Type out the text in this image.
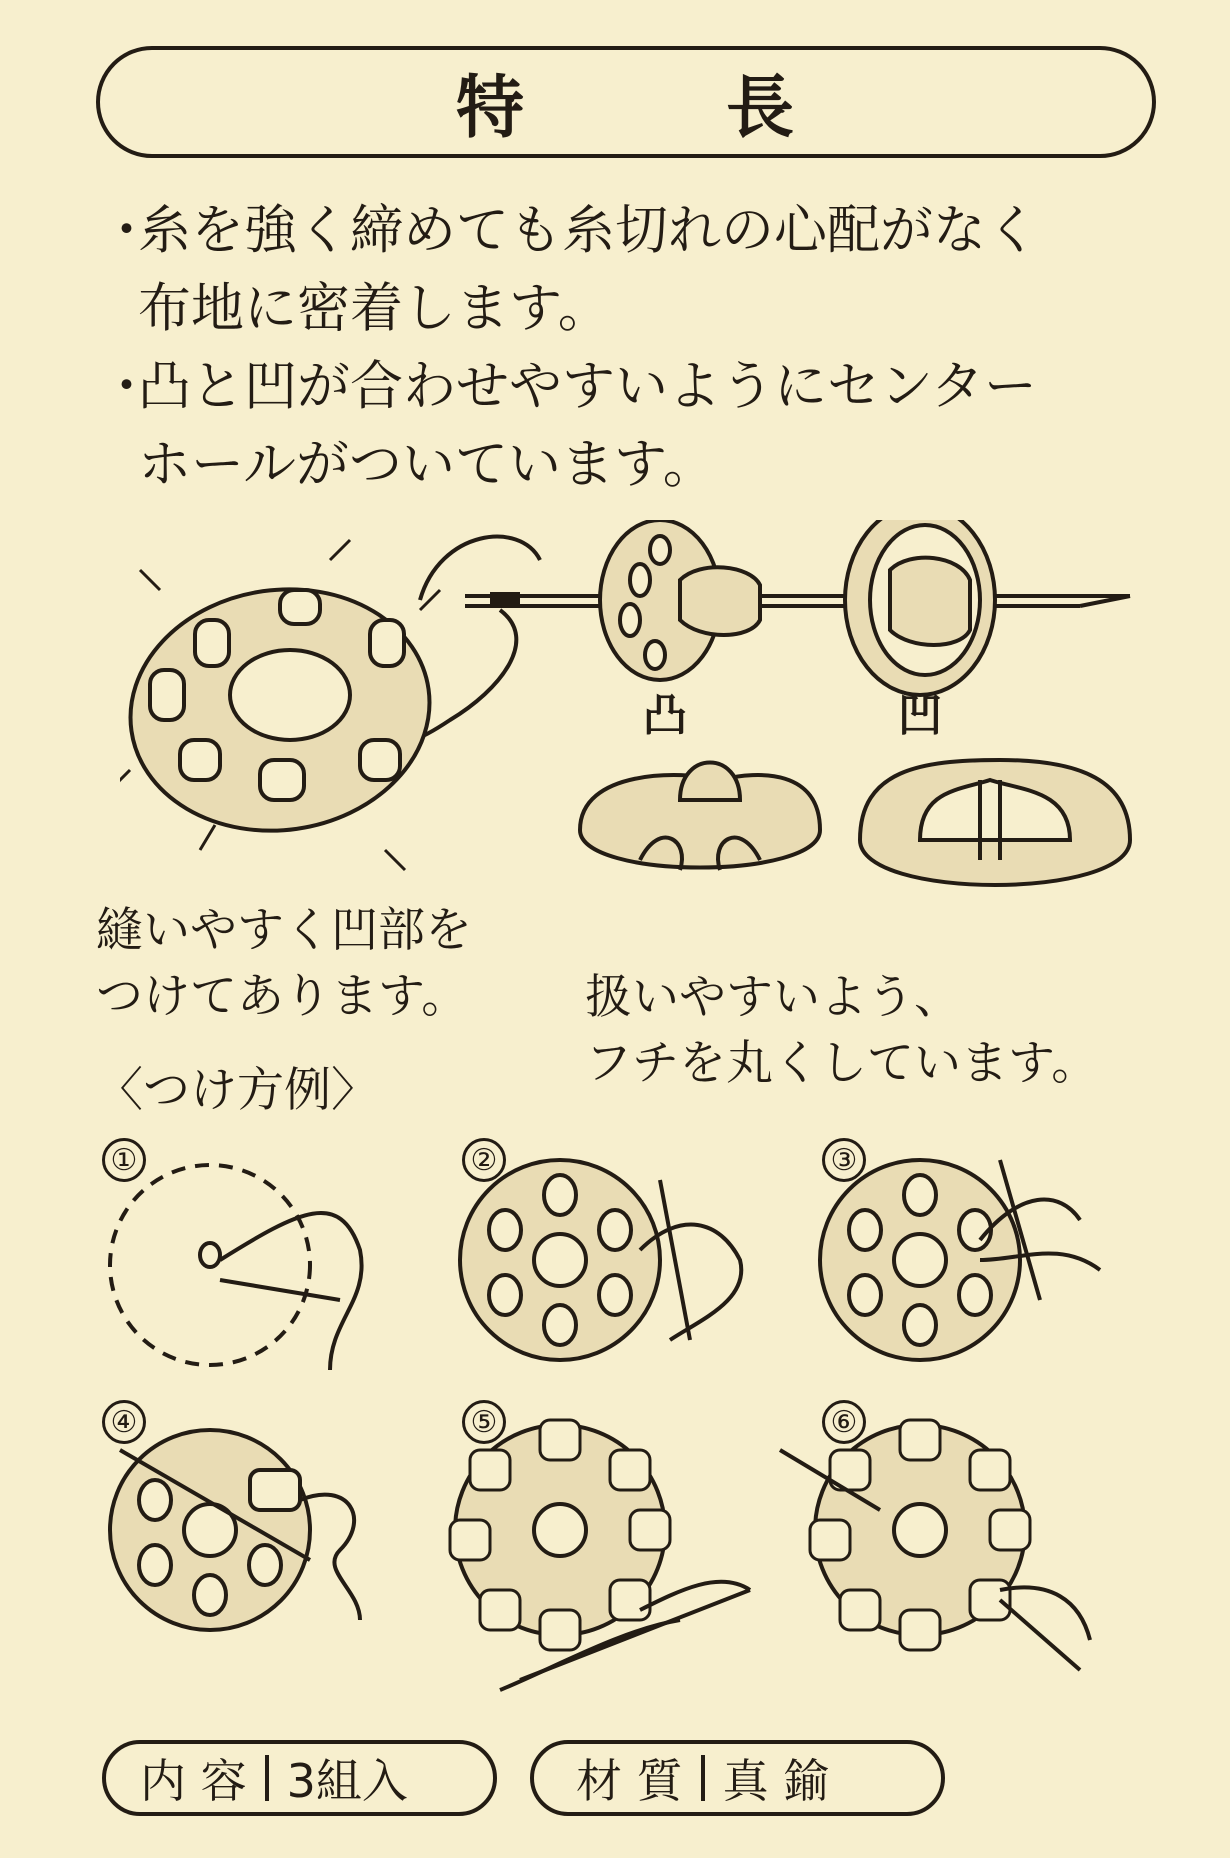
特	長
・糸を強く締めても糸切れの心配がなく
布地に密着します。
・凸と凹が合わせやすいようにセンター
ホールがついています。
凸	凹
縫いやすく凹部を
つけてあります。 扱いやすいよう、
フチを丸くしています。
〈つけ方例〉
①	②	③
④	⑤	⑥
内 容 3組入	材 質 真 鍮
